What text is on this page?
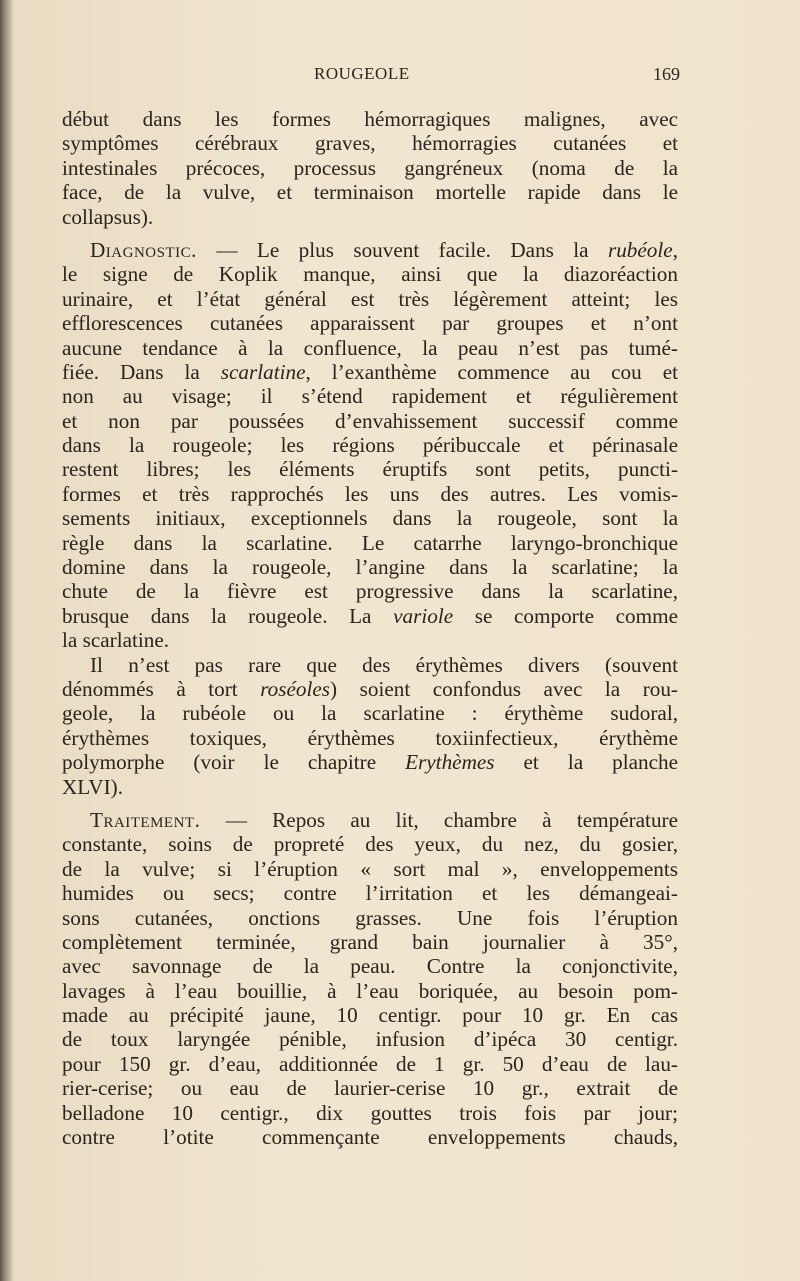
ROUGEOLE	169
début dans les formes hémorragiques malignes, avec
symptômes cérébraux graves, hémorragies cutanées et
intestinales précoces, processus gangréneux (noma de la
face, de la vulve, et terminaison mortelle rapide dans le
collapsus).
Diagnostic. — Le plus souvent facile. Dans la rubéole,
le signe de Koplik manque, ainsi que la diazoréaction
urinaire, et l’état général est très légèrement atteint; les
efflorescences cutanées apparaissent par groupes et n’ont
aucune tendance à la confluence, la peau n’est pas tumé-
fiée. Dans la scarlatine, l’exanthème commence au cou et
non au visage; il s’étend rapidement et régulièrement
et non par poussées d’envahissement successif comme
dans la rougeole; les régions péribuccale et périnasale
restent libres; les éléments éruptifs sont petits, puncti-
formes et très rapprochés les uns des autres. Les vomis-
sements initiaux, exceptionnels dans la rougeole, sont la
règle dans la scarlatine. Le catarrhe laryngo-bronchique
domine dans la rougeole, l’angine dans la scarlatine; la
chute de la fièvre est progressive dans la scarlatine,
brusque dans la rougeole. La variole se comporte comme
la scarlatine.
Il n’est pas rare que des érythèmes divers (souvent
dénommés à tort roséoles) soient confondus avec la rou-
geole, la rubéole ou la scarlatine : érythème sudoral,
érythèmes toxiques, érythèmes toxiinfectieux, érythème
polymorphe (voir le chapitre Erythèmes et la planche
XLVI).
Traitement. — Repos au lit, chambre à température
constante, soins de propreté des yeux, du nez, du gosier,
de la vulve; si l’éruption « sort mal », enveloppements
humides ou secs; contre l’irritation et les démangeai-
sons cutanées, onctions grasses. Une fois l’éruption
complètement terminée, grand bain journalier à 35°,
avec savonnage de la peau. Contre la conjonctivite,
lavages à l’eau bouillie, à l’eau boriquée, au besoin pom-
made au précipité jaune, 10 centigr. pour 10 gr. En cas
de toux laryngée pénible, infusion d’ipéca 30 centigr.
pour 150 gr. d’eau, additionnée de 1 gr. 50 d’eau de lau-
rier-cerise; ou eau de laurier-cerise 10 gr., extrait de
belladone 10 centigr., dix gouttes trois fois par jour;
contre l’otite commençante enveloppements chauds,
